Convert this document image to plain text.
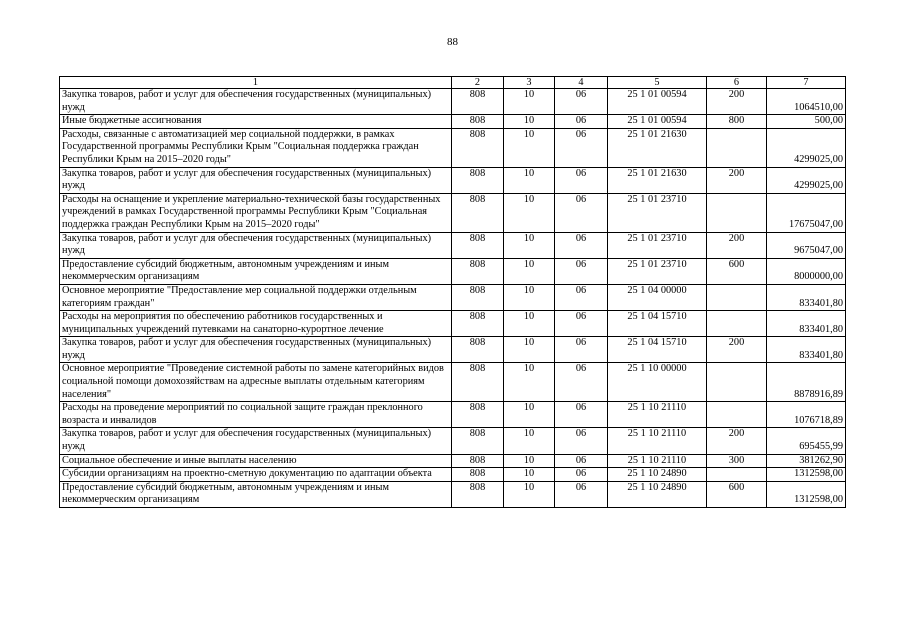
88
1	2	3	4	5	6	7
Закупка товаров, работ и услуг для обеспечения государственных (муниципальных) нужд	808	10	06	25 1 01 00594	200	1064510,00
Иные бюджетные ассигнования	808	10	06	25 1 01 00594	800	500,00
Расходы, связанные с автоматизацией мер социальной поддержки, в рамках Государственной программы Республики Крым "Социальная поддержка граждан Республики Крым на 2015–2020 годы"	808	10	06	25 1 01 21630		4299025,00
Закупка товаров, работ и услуг для обеспечения государственных (муниципальных) нужд	808	10	06	25 1 01 21630	200	4299025,00
Расходы на оснащение и укрепление материально-технической базы государственных учреждений в рамках Государственной программы Республики Крым "Социальная поддержка граждан Республики Крым на 2015–2020 годы"	808	10	06	25 1 01 23710		17675047,00
Закупка товаров, работ и услуг для обеспечения государственных (муниципальных) нужд	808	10	06	25 1 01 23710	200	9675047,00
Предоставление субсидий бюджетным, автономным учреждениям и иным некоммерческим организациям	808	10	06	25 1 01 23710	600	8000000,00
Основное мероприятие "Предоставление мер социальной поддержки отдельным категориям граждан"	808	10	06	25 1 04 00000		833401,80
Расходы на мероприятия по обеспечению работников государственных и муниципальных учреждений путевками на санаторно-курортное лечение	808	10	06	25 1 04 15710		833401,80
Закупка товаров, работ и услуг для обеспечения государственных (муниципальных) нужд	808	10	06	25 1 04 15710	200	833401,80
Основное мероприятие "Проведение системной работы по замене категорийных видов социальной помощи домохозяйствам на адресные выплаты отдельным категориям населения"	808	10	06	25 1 10 00000		8878916,89
Расходы на проведение мероприятий по социальной защите граждан преклонного возраста и инвалидов	808	10	06	25 1 10 21110		1076718,89
Закупка товаров, работ и услуг для обеспечения государственных (муниципальных) нужд	808	10	06	25 1 10 21110	200	695455,99
Социальное обеспечение и иные выплаты населению	808	10	06	25 1 10 21110	300	381262,90
Субсидии организациям на проектно-сметную документацию по адаптации объекта	808	10	06	25 1 10 24890		1312598,00
Предоставление субсидий бюджетным, автономным учреждениям и иным некоммерческим организациям	808	10	06	25 1 10 24890	600	1312598,00
